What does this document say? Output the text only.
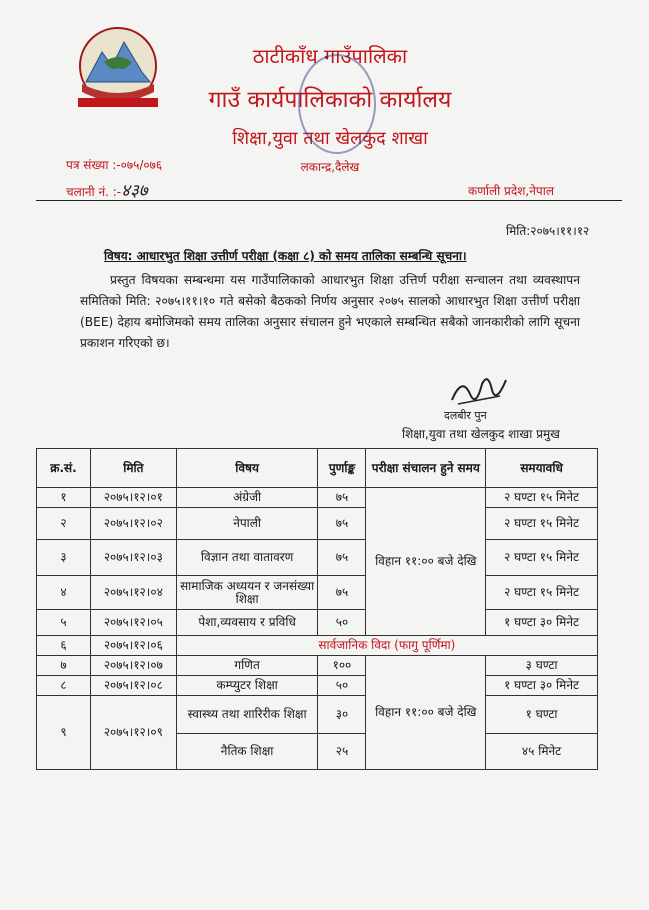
ठाटीकाँध गाउँपालिका
गाउँ कार्यपालिकाको कार्यालय
शिक्षा,युवा तथा खेलकुद शाखा
लकान्द्र,दैलेख
पत्र संख्या :-०७५/०७६
चलानी नं. :-४३७	कर्णाली प्रदेश,नेपाल
मिति:२०७५।११।१२
विषय: आधारभुत शिक्षा उत्तीर्ण परीक्षा (कक्षा ८) को समय तालिका सम्बन्धि सूचना।
प्रस्तुत विषयका सम्बन्धमा यस गाउँपालिकाको आधारभुत शिक्षा उत्तिर्ण परीक्षा सन्चालन तथा व्यवस्थापन समितिको मिति: २०७५।११।१० गते बसेको बैठकको निर्णय अनुसार २०७५ सालको आधारभुत शिक्षा उत्तीर्ण परीक्षा (BEE) देहाय बमोजिमको समय तालिका अनुसार संचालन हुने भएकाले सम्बन्धित सबैको जानकारीको लागि सूचना प्रकाशन गरिएको छ।
दलबीर पुन
शिक्षा,युवा तथा खेलकुद शाखा प्रमुख
क्र.सं.	मिति	विषय	पुर्णाङ्क	परीक्षा संचालन हुने समय	समयावधि
१	२०७५।१२।०१	अंग्रेजी	७५	विहान ११:०० बजे देखि	२ घण्टा १५ मिनेट
२	२०७५।१२।०२	नेपाली	७५		२ घण्टा १५ मिनेट
३	२०७५।१२।०३	विज्ञान तथा वातावरण	७५		२ घण्टा १५ मिनेट
४	२०७५।१२।०४	सामाजिक अध्ययन र जनसंख्या शिक्षा	७५		२ घण्टा १५ मिनेट
५	२०७५।१२।०५	पेशा,व्यवसाय र प्रविधि	५०		१ घण्टा ३० मिनेट
६	२०७५।१२।०६	सार्वजानिक विदा (फागु पूर्णिमा)			
७	२०७५।१२।०७	गणित	१००	विहान ११:०० बजे देखि	३ घण्टा
८	२०७५।१२।०८	कम्प्युटर शिक्षा	५०		१ घण्टा ३० मिनेट
९	२०७५।१२।०९	स्वास्थ्य तथा शारिरीक शिक्षा	३०		१ घण्टा
		नैतिक शिक्षा	२५		४५ मिनेट
